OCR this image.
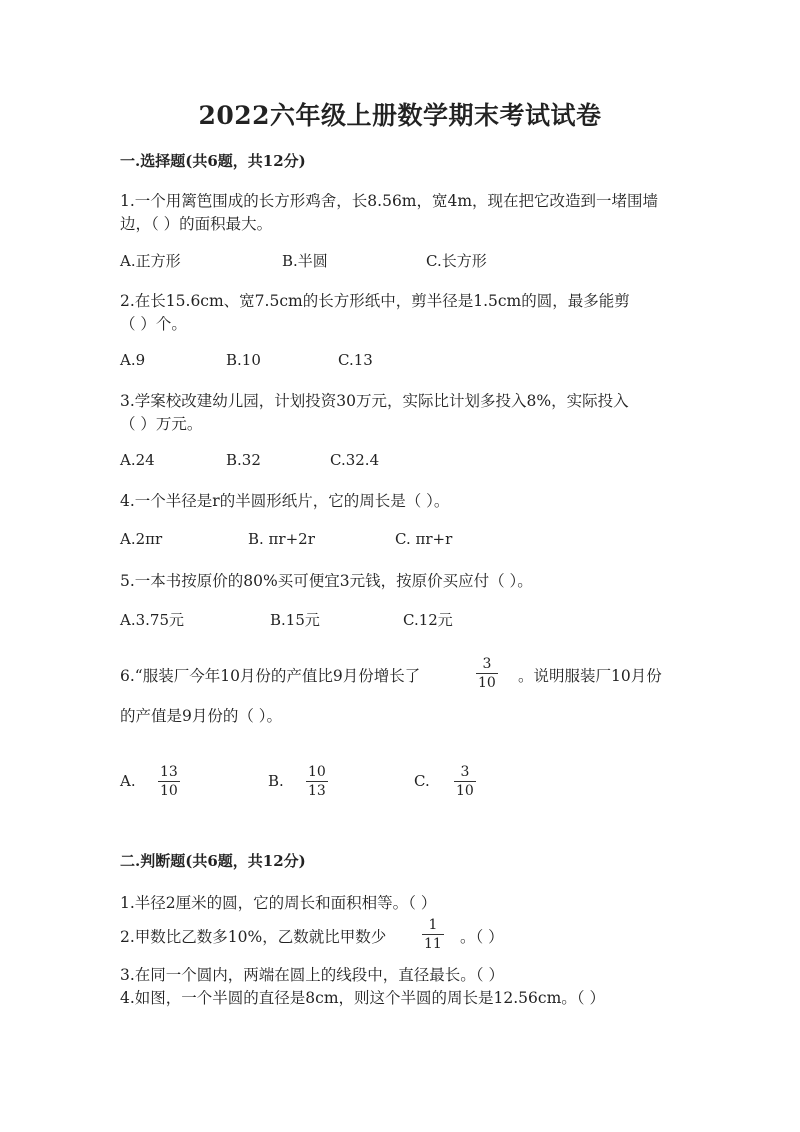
2022六年级上册数学期末考试试卷
一.选择题(共6题，共12分)
1.一个用篱笆围成的长方形鸡舍，长8.56m，宽4m，现在把它改造到一堵围墙
边，（ ）的面积最大。
A.正方形	B.半圆	C.长方形
2.在长15.6cm、宽7.5cm的长方形纸中，剪半径是1.5cm的圆，最多能剪
（ ）个。
A.9	B.10	C.13
3.学案校改建幼儿园，计划投资30万元，实际比计划多投入8%，实际投入
（ ）万元。
A.24	B.32	C.32.4
4.一个半径是r的半圆形纸片，它的周长是（ ）。
A.2πr	B. πr+2r	C. πr+r
5.一本书按原价的80%买可便宜3元钱，按原价买应付（ ）。
A.3.75元	B.15元	C.12元
6.“服装厂今年10月份的产值比9月份增长了
3
10 。说明服装厂10月份
的产值是9月份的（ ）。
A. 13
10
B. 10
13
C. 3
10
二.判断题(共6题，共12分)
1.半径2厘米的圆，它的周长和面积相等。（ ）
2.甲数比乙数多10%，乙数就比甲数少
1
11 。（ ）
3.在同一个圆内，两端在圆上的线段中，直径最长。（ ）
4.如图，一个半圆的直径是8cm，则这个半圆的周长是12.56cm。（ ）
